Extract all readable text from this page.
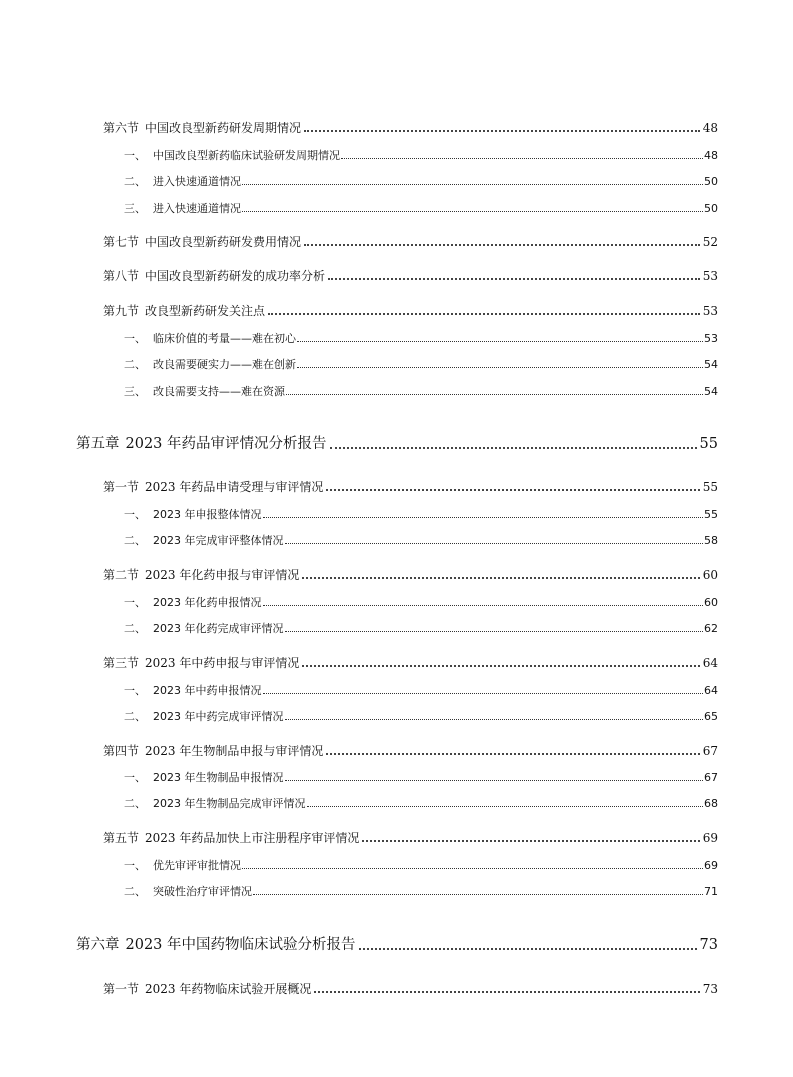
第六节 中国改良型新药研发周期情况	48
一、 中国改良型新药临床试验研发周期情况	48
二、 进入快速通道情况	50
三、 进入快速通道情况	50
第七节 中国改良型新药研发费用情况	52
第八节 中国改良型新药研发的成功率分析	53
第九节 改良型新药研发关注点	53
一、 临床价值的考量——难在初心	53
二、 改良需要硬实力——难在创新	54
三、 改良需要支持——难在资源	54
第五章 2023 年药品审评情况分析报告	55
第一节 2023 年药品申请受理与审评情况	55
一、 2023 年申报整体情况	55
二、 2023 年完成审评整体情况	58
第二节 2023 年化药申报与审评情况	60
一、 2023 年化药申报情况	60
二、 2023 年化药完成审评情况	62
第三节 2023 年中药申报与审评情况	64
一、 2023 年中药申报情况	64
二、 2023 年中药完成审评情况	65
第四节 2023 年生物制品申报与审评情况	67
一、 2023 年生物制品申报情况	67
二、 2023 年生物制品完成审评情况	68
第五节 2023 年药品加快上市注册程序审评情况	69
一、 优先审评审批情况	69
二、 突破性治疗审评情况	71
第六章 2023 年中国药物临床试验分析报告	73
第一节 2023 年药物临床试验开展概况	73
